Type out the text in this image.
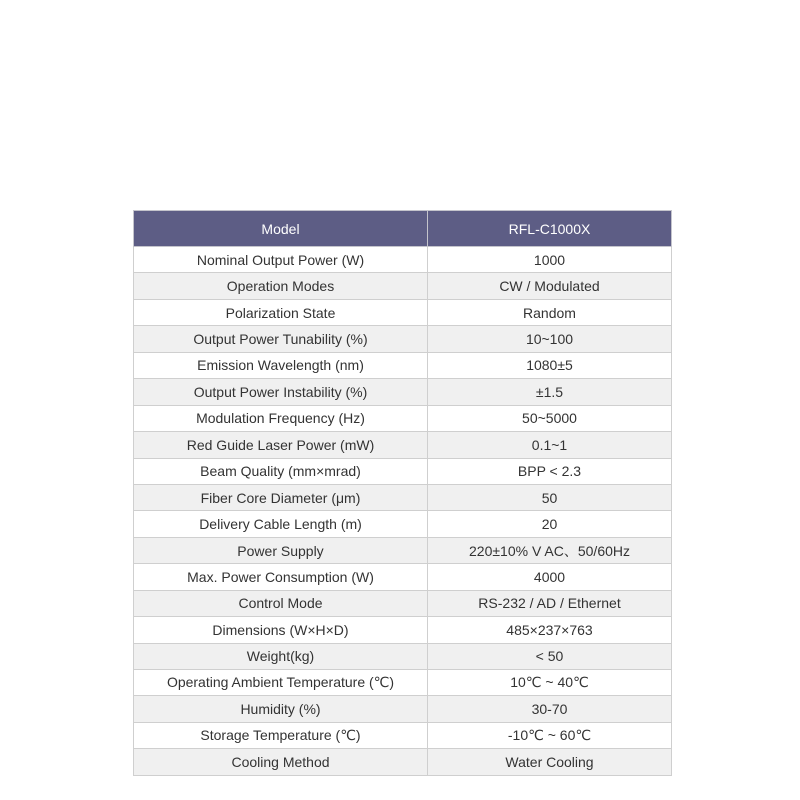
Model	RFL-C1000X
Nominal Output Power (W)	1000
Operation Modes	CW / Modulated
Polarization State	Random
Output Power Tunability (%)	10~100
Emission Wavelength (nm)	1080±5
Output Power Instability (%)	±1.5
Modulation Frequency (Hz)	50~5000
Red Guide Laser Power (mW)	0.1~1
Beam Quality (mm×mrad)	BPP < 2.3
Fiber Core Diameter (μm)	50
Delivery Cable Length (m)	20
Power Supply	220±10% V AC、50/60Hz
Max. Power Consumption (W)	4000
Control Mode	RS-232 / AD / Ethernet
Dimensions (W×H×D)	485×237×763
Weight(kg)	< 50
Operating Ambient Temperature (℃)	10℃ ~ 40℃
Humidity (%)	30-70
Storage Temperature (℃)	-10℃ ~ 60℃
Cooling Method	Water Cooling
